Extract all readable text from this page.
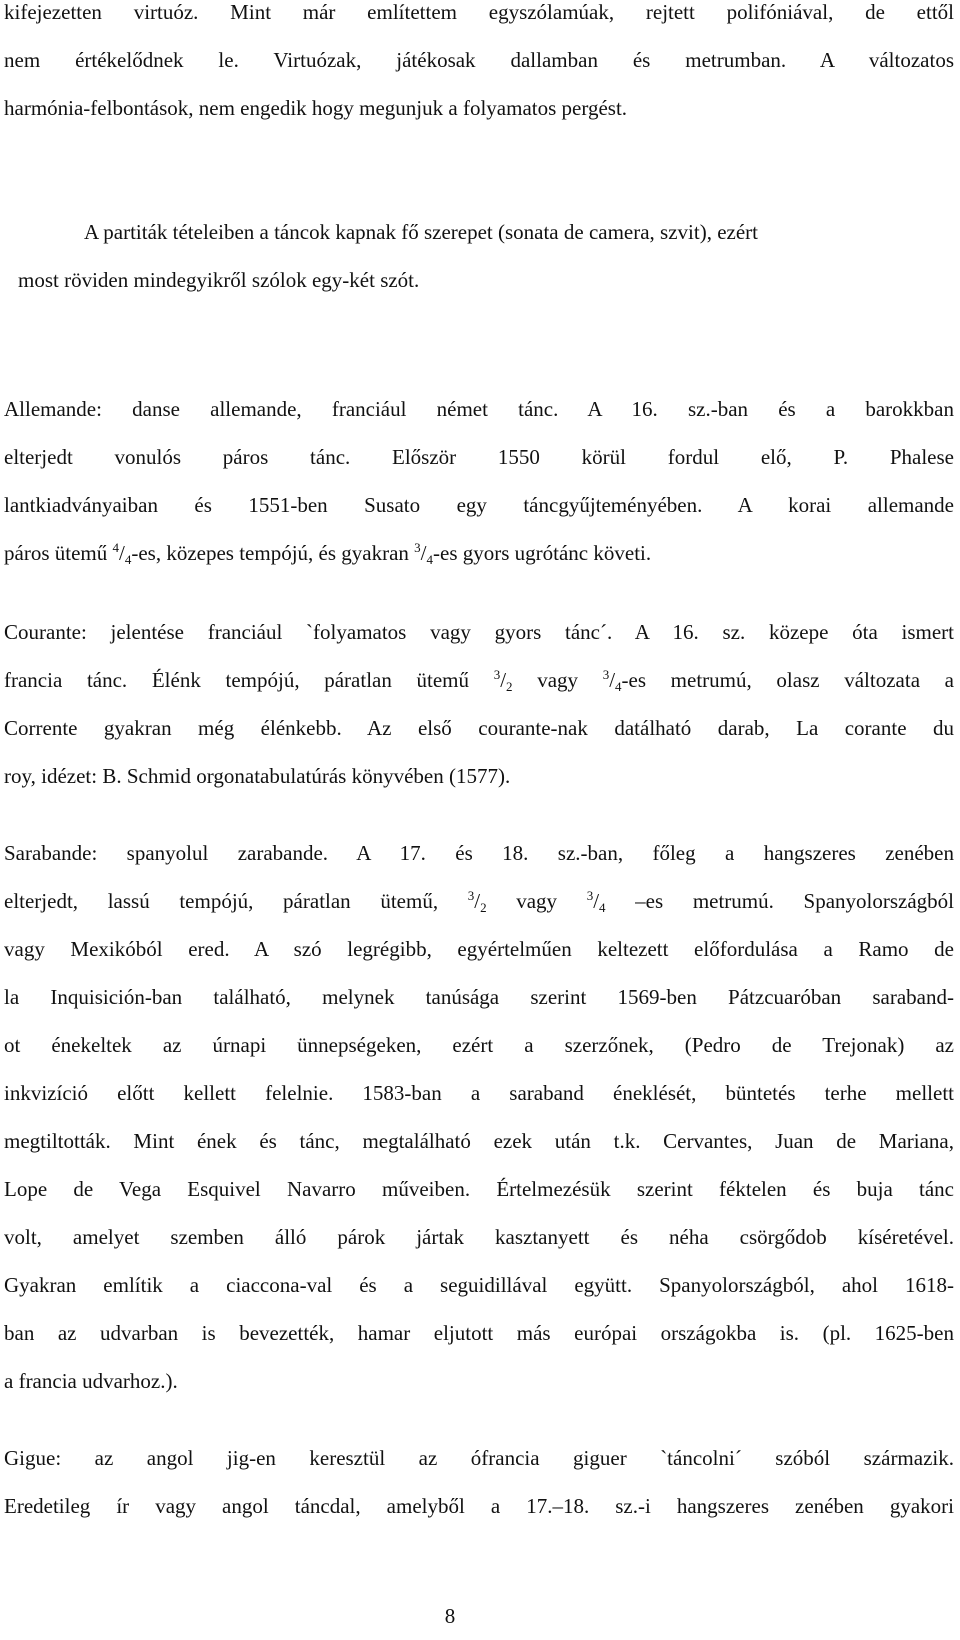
kifejezetten virtuóz. Mint már említettem egyszólamúak, rejtett polifóniával, de ettől
nem értékelődnek le. Virtuózak, játékosak dallamban és metrumban. A változatos
harmónia-felbontások, nem engedik hogy megunjuk a folyamatos pergést.
A partiták tételeiben a táncok kapnak fő szerepet (sonata de camera, szvit), ezért
most röviden mindegyikről szólok egy-két szót.
Allemande: danse allemande, franciául német tánc. A 16. sz.-ban és a barokkban
elterjedt vonulós páros tánc. Először 1550 körül fordul elő, P. Phalese
lantkiadványaiban és 1551-ben Susato egy táncgyűjteményében. A korai allemande
páros ütemű $^4/_4-es$, közepes tempójú, és gyakran $^3/_4-es$ gyors ugrótánc követi.
Courante: jelentése franciául `folyamatos vagy gyors tánc´. A 16. sz. közepe óta ismert
francia tánc. Élénk tempójú, páratlan ütemű $^3/_2$ vagy $^3/_4-es$ metrumú, olasz változata a
Corrente gyakran még élénkebb. Az első courante-nak datálható darab, La corante du
roy, idézet: B. Schmid orgonatabulatúrás könyvében (1577).
Sarabande: spanyolul zarabande. A 17. és 18. sz.-ban, főleg a hangszeres zenében
elterjedt, lassú tempójú, páratlan ütemű, $^3/_2$ vagy $^3/_4$ –es metrumú. Spanyolországból
vagy Mexikóból ered. A szó legrégibb, egyértelműen keltezett előfordulása a Ramo de
la Inquisición-ban található, melynek tanúsága szerint 1569-ben Pátzcuaróban saraband-
ot énekeltek az úrnapi ünnepségeken, ezért a szerzőnek, (Pedro de Trejonak) az
inkvizíció előtt kellett felelnie. 1583-ban a saraband éneklését, büntetés terhe mellett
megtiltották. Mint ének és tánc, megtalálható ezek után t.k. Cervantes, Juan de Mariana,
Lope de Vega Esquivel Navarro műveiben. Értelmezésük szerint féktelen és buja tánc
volt, amelyet szemben álló párok jártak kasztanyett és néha csörgődob kíséretével.
Gyakran említik a ciaccona-val és a seguidillával együtt. Spanyolországból, ahol 1618-
ban az udvarban is bevezették, hamar eljutott más európai országokba is. (pl. 1625-ben
a francia udvarhoz.).
Gigue: az angol jig-en keresztül az ófrancia giguer `táncolni´ szóból származik.
Eredetileg ír vagy angol táncdal, amelyből a 17.–18. sz.-i hangszeres zenében gyakori
8
